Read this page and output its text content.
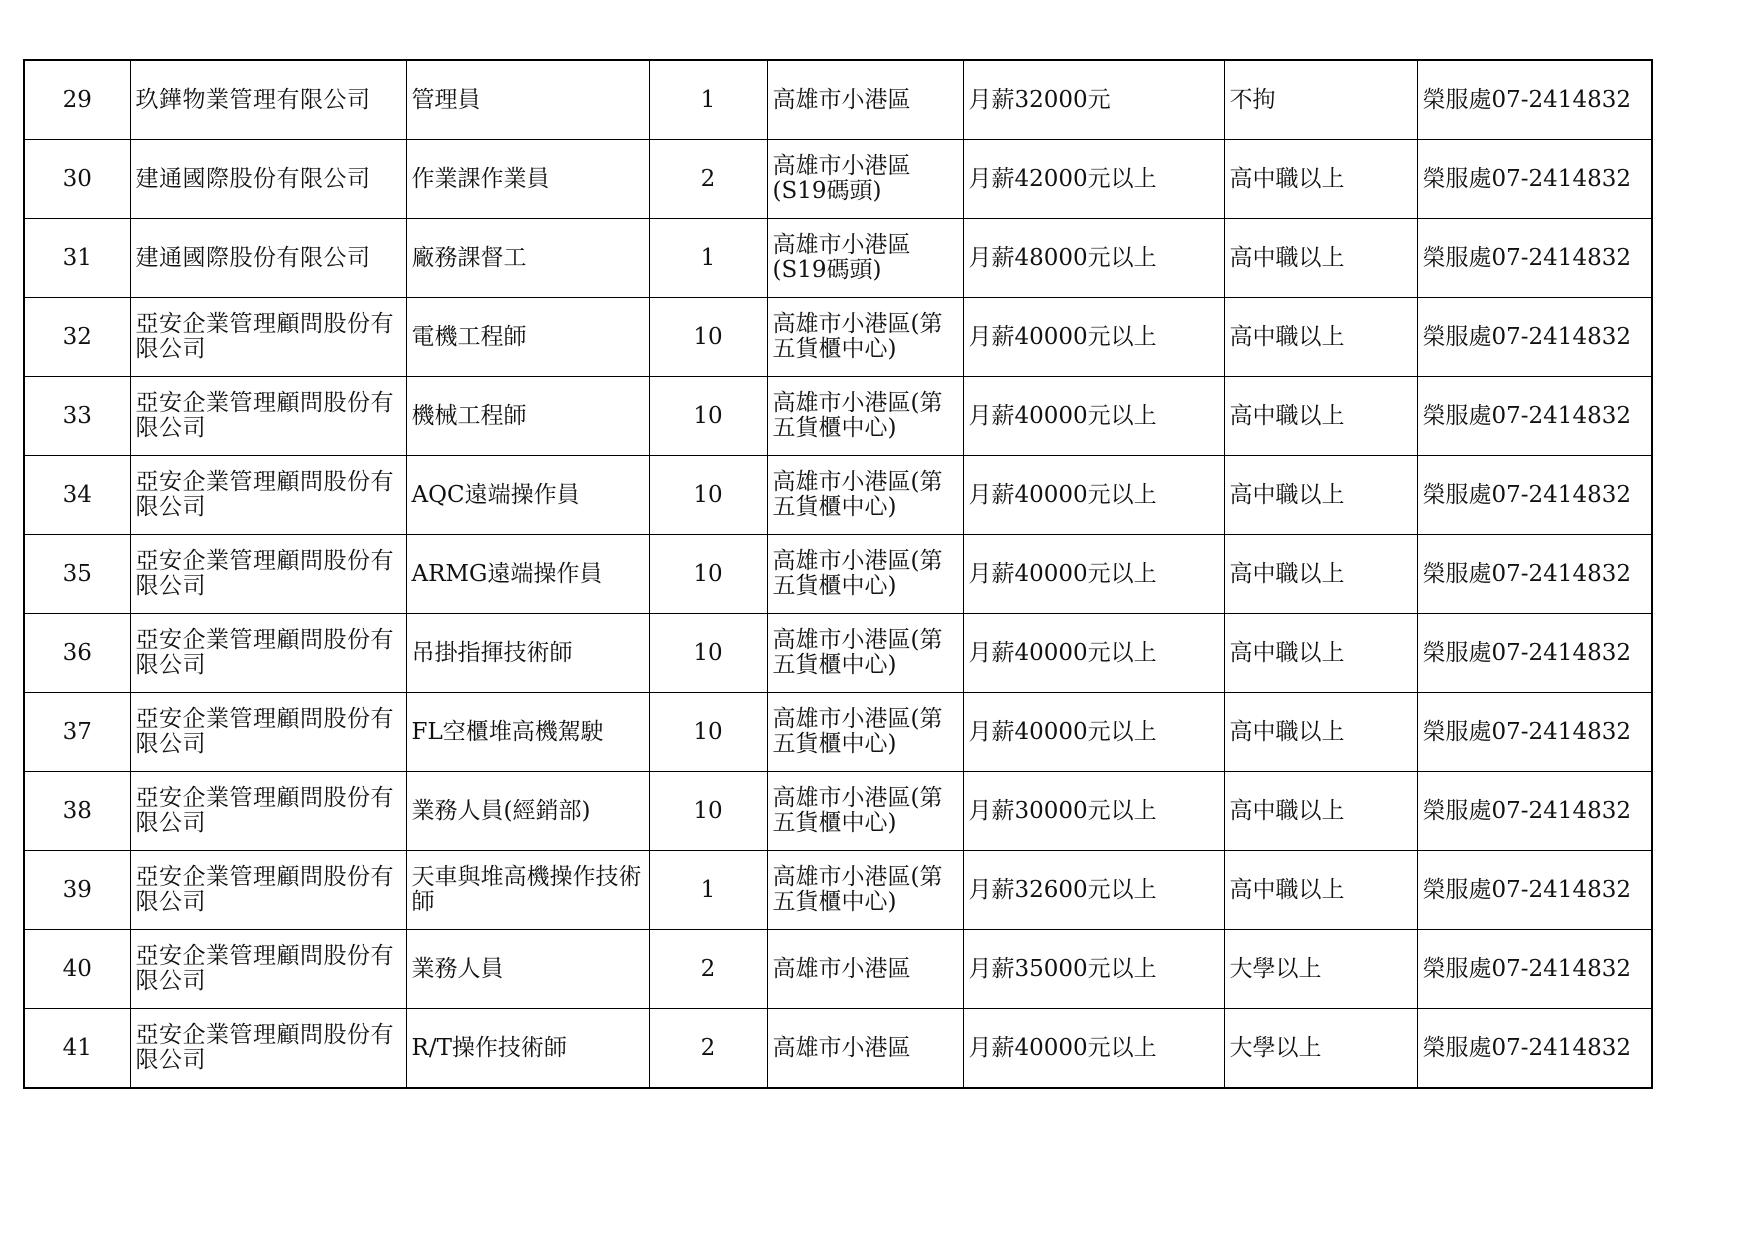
29	玖鏵物業管理有限公司	管理員	1	高雄市小港區	月薪32000元	不拘	榮服處07-2414832
30	建通國際股份有限公司	作業課作業員	2	高雄市小港區(S19碼頭)	月薪42000元以上	高中職以上	榮服處07-2414832
31	建通國際股份有限公司	廠務課督工	1	高雄市小港區(S19碼頭)	月薪48000元以上	高中職以上	榮服處07-2414832
32	亞安企業管理顧問股份有限公司	電機工程師	10	高雄市小港區(第五貨櫃中心)	月薪40000元以上	高中職以上	榮服處07-2414832
33	亞安企業管理顧問股份有限公司	機械工程師	10	高雄市小港區(第五貨櫃中心)	月薪40000元以上	高中職以上	榮服處07-2414832
34	亞安企業管理顧問股份有限公司	AQC遠端操作員	10	高雄市小港區(第五貨櫃中心)	月薪40000元以上	高中職以上	榮服處07-2414832
35	亞安企業管理顧問股份有限公司	ARMG遠端操作員	10	高雄市小港區(第五貨櫃中心)	月薪40000元以上	高中職以上	榮服處07-2414832
36	亞安企業管理顧問股份有限公司	吊掛指揮技術師	10	高雄市小港區(第五貨櫃中心)	月薪40000元以上	高中職以上	榮服處07-2414832
37	亞安企業管理顧問股份有限公司	FL空櫃堆高機駕駛	10	高雄市小港區(第五貨櫃中心)	月薪40000元以上	高中職以上	榮服處07-2414832
38	亞安企業管理顧問股份有限公司	業務人員(經銷部)	10	高雄市小港區(第五貨櫃中心)	月薪30000元以上	高中職以上	榮服處07-2414832
39	亞安企業管理顧問股份有限公司	天車與堆高機操作技術師	1	高雄市小港區(第五貨櫃中心)	月薪32600元以上	高中職以上	榮服處07-2414832
40	亞安企業管理顧問股份有限公司	業務人員	2	高雄市小港區	月薪35000元以上	大學以上	榮服處07-2414832
41	亞安企業管理顧問股份有限公司	R/T操作技術師	2	高雄市小港區	月薪40000元以上	大學以上	榮服處07-2414832
